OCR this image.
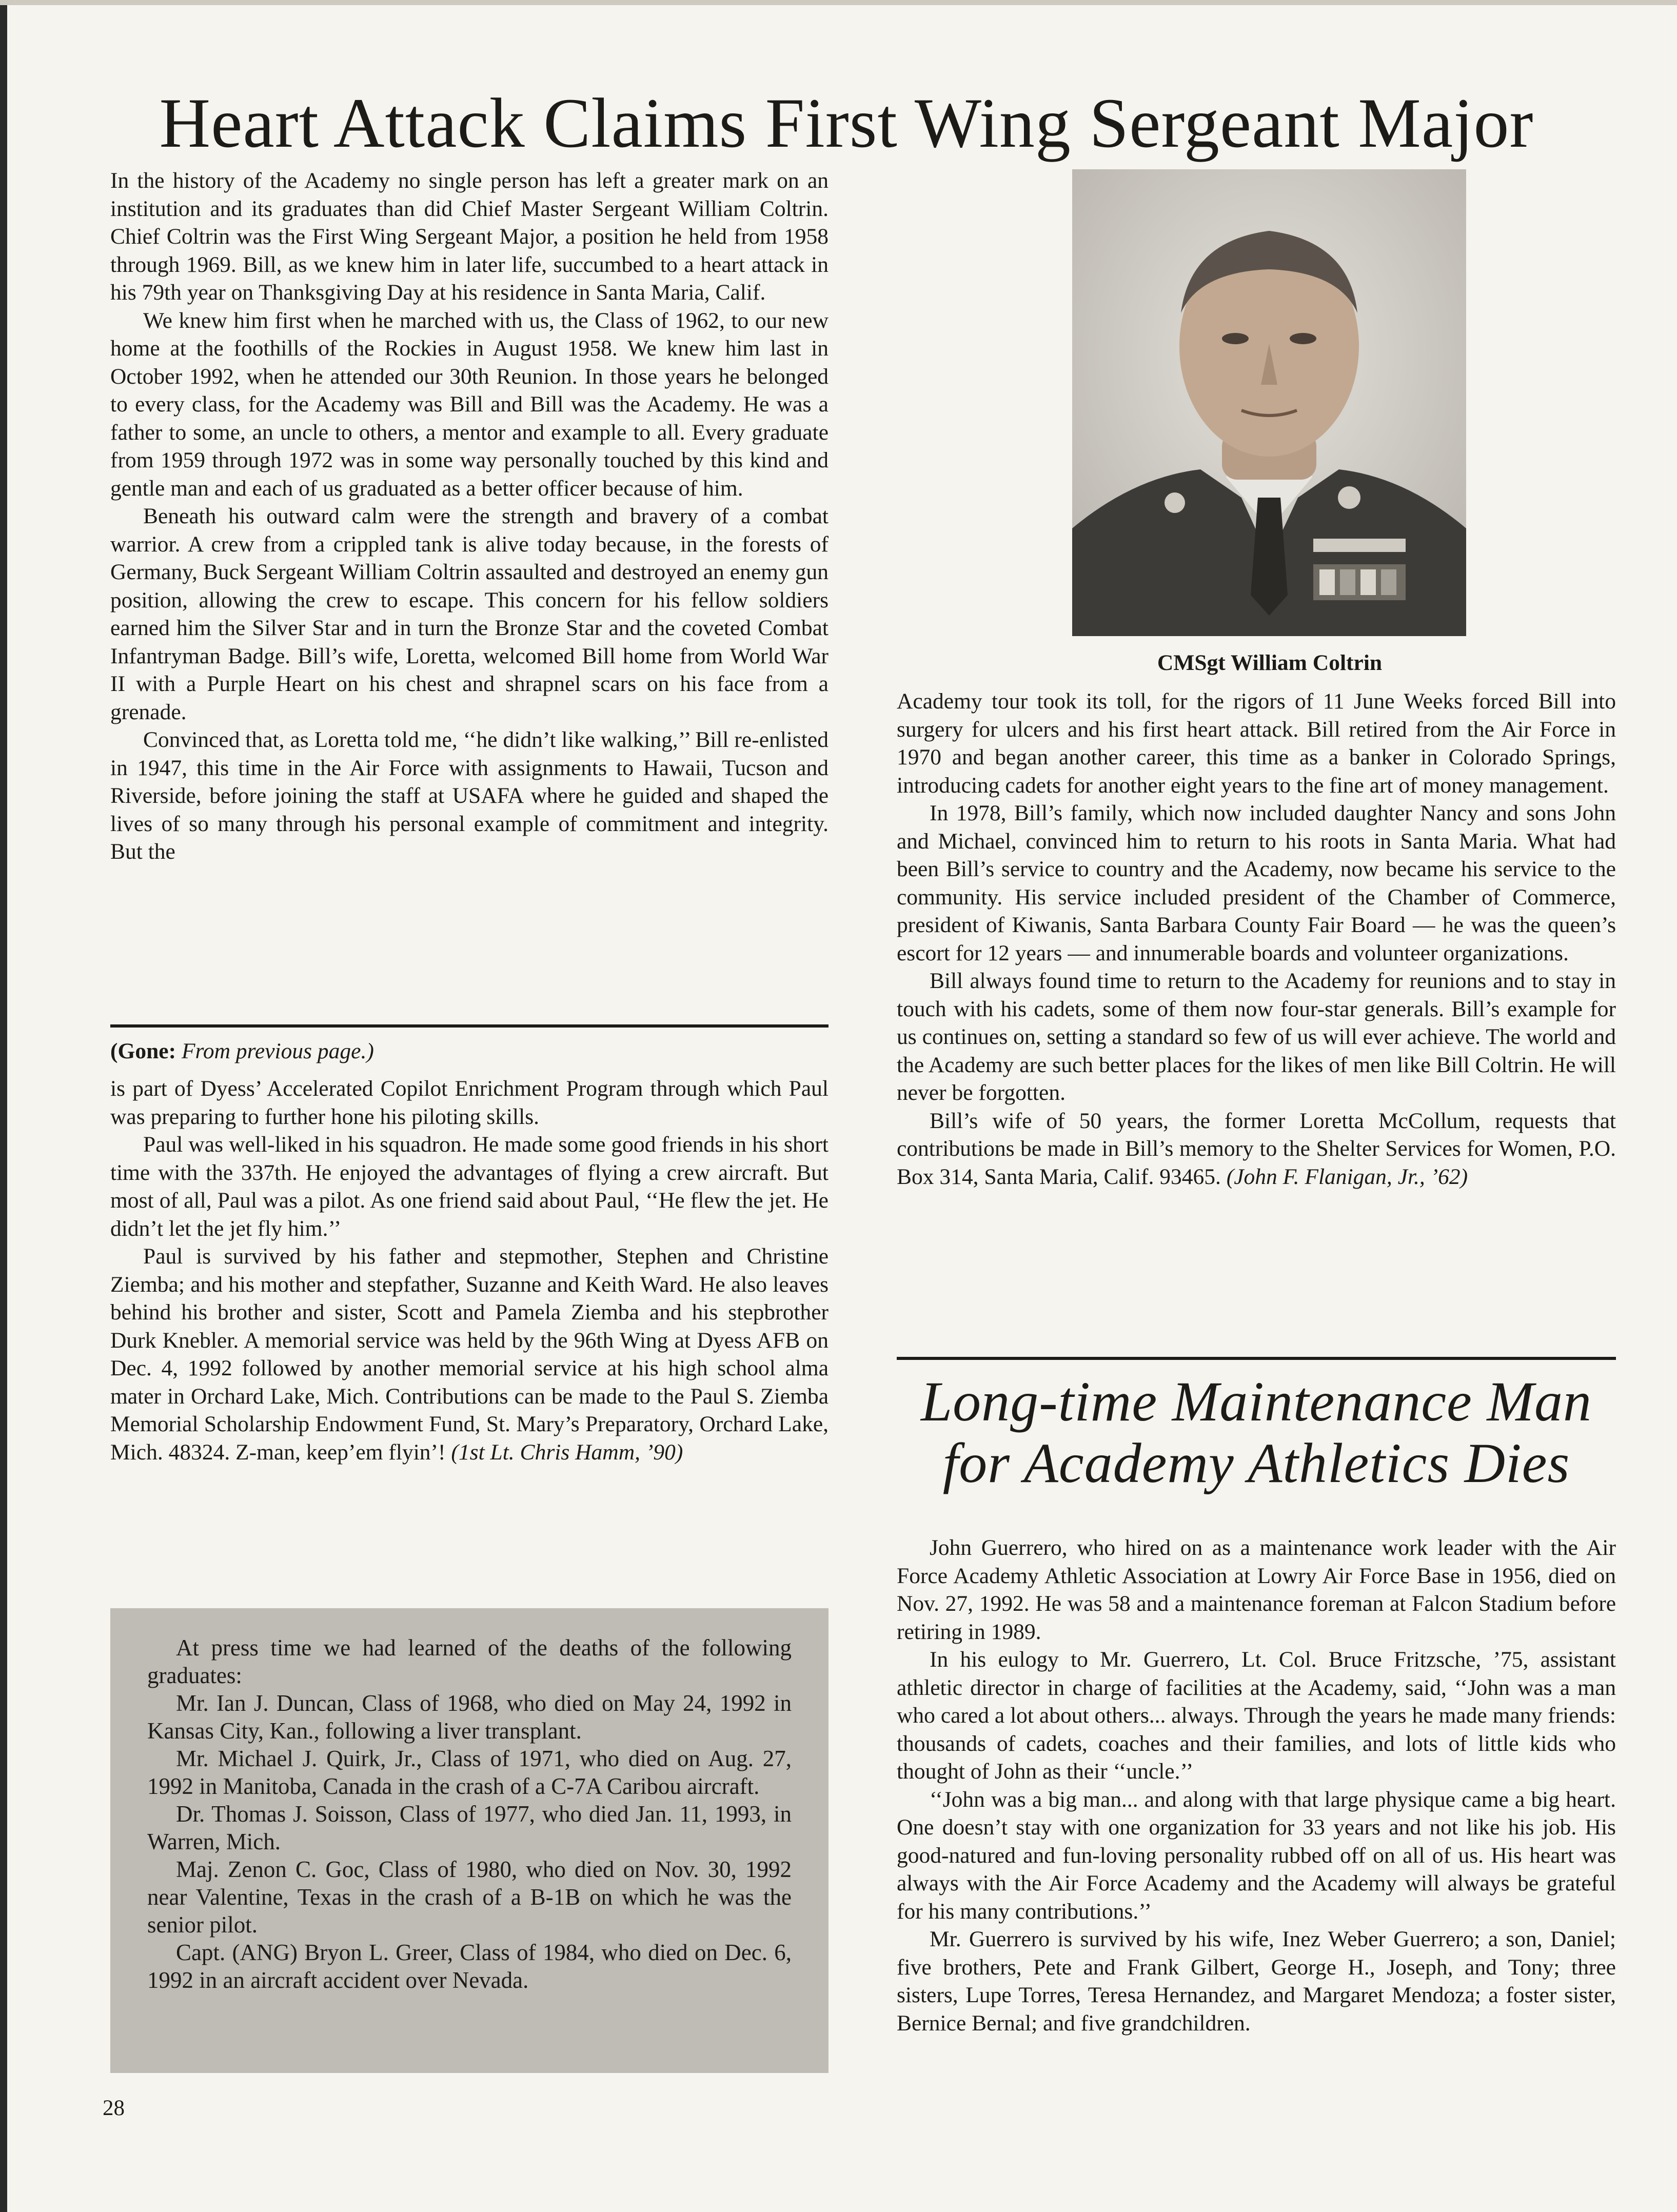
Heart Attack Claims First Wing Sergeant Major

In the history of the Academy no single person has left a greater mark on an institution and its graduates than did Chief Master Sergeant William Coltrin. Chief Coltrin was the First Wing Sergeant Major, a position he held from 1958 through 1969. Bill, as we knew him in later life, succumbed to a heart attack in his 79th year on Thanksgiving Day at his residence in Santa Maria, Calif.

We knew him first when he marched with us, the Class of 1962, to our new home at the foothills of the Rockies in August 1958. We knew him last in October 1992, when he attended our 30th Reunion. In those years he belonged to every class, for the Academy was Bill and Bill was the Academy. He was a father to some, an uncle to others, a mentor and example to all. Every graduate from 1959 through 1972 was in some way personally touched by this kind and gentle man and each of us graduated as a better officer because of him.

Beneath his outward calm were the strength and bravery of a combat warrior. A crew from a crippled tank is alive today because, in the forests of Germany, Buck Sergeant William Coltrin assaulted and destroyed an enemy gun position, allowing the crew to escape. This concern for his fellow soldiers earned him the Silver Star and in turn the Bronze Star and the coveted Combat Infantryman Badge. Bill’s wife, Loretta, welcomed Bill home from World War II with a Purple Heart on his chest and shrapnel scars on his face from a grenade.

Convinced that, as Loretta told me, ‘‘he didn’t like walking,’’ Bill re-enlisted in 1947, this time in the Air Force with assignments to Hawaii, Tucson and Riverside, before joining the staff at USAFA where he guided and shaped the lives of so many through his personal example of commitment and integrity. But the

CMSgt William Coltrin

Academy tour took its toll, for the rigors of 11 June Weeks forced Bill into surgery for ulcers and his first heart attack. Bill retired from the Air Force in 1970 and began another career, this time as a banker in Colorado Springs, introducing cadets for another eight years to the fine art of money management.

In 1978, Bill’s family, which now included daughter Nancy and sons John and Michael, convinced him to return to his roots in Santa Maria. What had been Bill’s service to country and the Academy, now became his service to the community. His service included president of the Chamber of Commerce, president of Kiwanis, Santa Barbara County Fair Board — he was the queen’s escort for 12 years — and innumerable boards and volunteer organizations.

Bill always found time to return to the Academy for reunions and to stay in touch with his cadets, some of them now four-star generals. Bill’s example for us continues on, setting a standard so few of us will ever achieve. The world and the Academy are such better places for the likes of men like Bill Coltrin. He will never be forgotten.

Bill’s wife of 50 years, the former Loretta McCollum, requests that contributions be made in Bill’s memory to the Shelter Services for Women, P.O. Box 314, Santa Maria, Calif. 93465. (John F. Flanigan, Jr., ’62)

(Gone: From previous page.)

is part of Dyess’ Accelerated Copilot Enrichment Program through which Paul was preparing to further hone his piloting skills.

Paul was well-liked in his squadron. He made some good friends in his short time with the 337th. He enjoyed the advantages of flying a crew aircraft. But most of all, Paul was a pilot. As one friend said about Paul, ‘‘He flew the jet. He didn’t let the jet fly him.’’

Paul is survived by his father and stepmother, Stephen and Christine Ziemba; and his mother and stepfather, Suzanne and Keith Ward. He also leaves behind his brother and sister, Scott and Pamela Ziemba and his stepbrother Durk Knebler. A memorial service was held by the 96th Wing at Dyess AFB on Dec. 4, 1992 followed by another memorial service at his high school alma mater in Orchard Lake, Mich. Contributions can be made to the Paul S. Ziemba Memorial Scholarship Endowment Fund, St. Mary’s Preparatory, Orchard Lake, Mich. 48324. Z-man, keep’em flyin’! (1st Lt. Chris Hamm, ’90)

At press time we had learned of the deaths of the following graduates:

Mr. Ian J. Duncan, Class of 1968, who died on May 24, 1992 in Kansas City, Kan., following a liver transplant.

Mr. Michael J. Quirk, Jr., Class of 1971, who died on Aug. 27, 1992 in Manitoba, Canada in the crash of a C-7A Caribou aircraft.

Dr. Thomas J. Soisson, Class of 1977, who died Jan. 11, 1993, in Warren, Mich.

Maj. Zenon C. Goc, Class of 1980, who died on Nov. 30, 1992 near Valentine, Texas in the crash of a B-1B on which he was the senior pilot.

Capt. (ANG) Bryon L. Greer, Class of 1984, who died on Dec. 6, 1992 in an aircraft accident over Nevada.

Long-time Maintenance Man
for Academy Athletics Dies

John Guerrero, who hired on as a maintenance work leader with the Air Force Academy Athletic Association at Lowry Air Force Base in 1956, died on Nov. 27, 1992. He was 58 and a maintenance foreman at Falcon Stadium before retiring in 1989.

In his eulogy to Mr. Guerrero, Lt. Col. Bruce Fritzsche, ’75, assistant athletic director in charge of facilities at the Academy, said, ‘‘John was a man who cared a lot about others... always. Through the years he made many friends: thousands of cadets, coaches and their families, and lots of little kids who thought of John as their ‘‘uncle.’’

‘‘John was a big man... and along with that large physique came a big heart. One doesn’t stay with one organization for 33 years and not like his job. His good-natured and fun-loving personality rubbed off on all of us. His heart was always with the Air Force Academy and the Academy will always be grateful for his many contributions.’’

Mr. Guerrero is survived by his wife, Inez Weber Guerrero; a son, Daniel; five brothers, Pete and Frank Gilbert, George H., Joseph, and Tony; three sisters, Lupe Torres, Teresa Hernandez, and Margaret Mendoza; a foster sister, Bernice Bernal; and five grandchildren.

28
